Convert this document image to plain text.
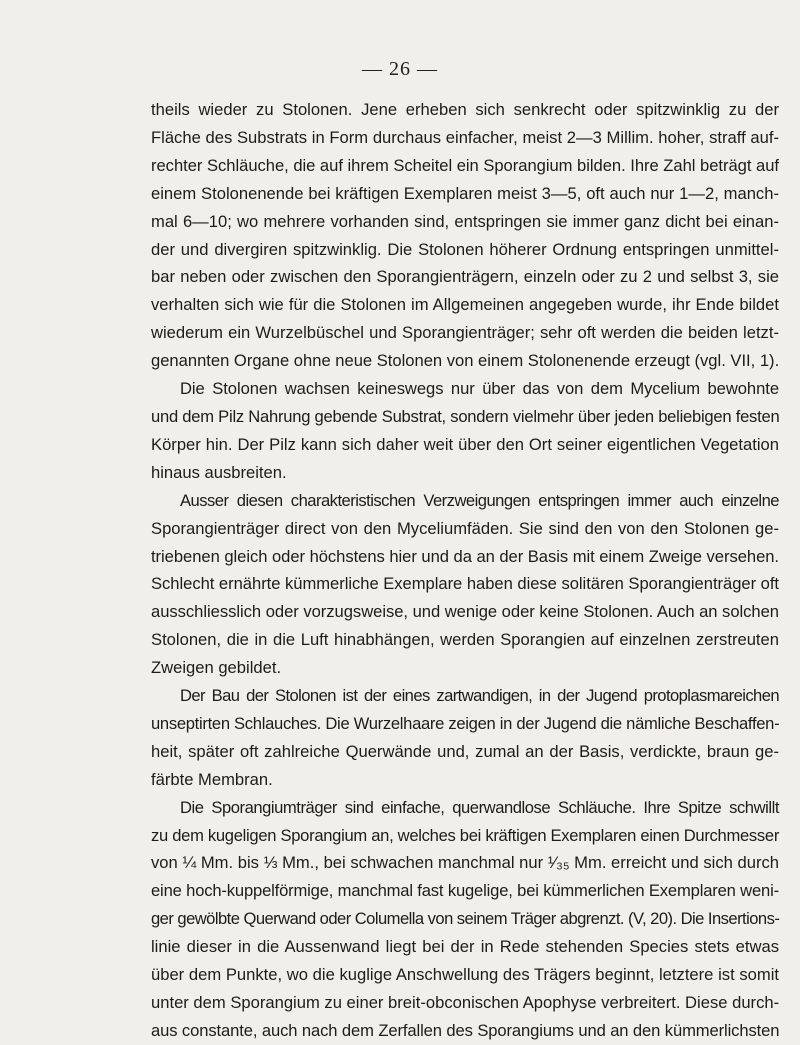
— 26 —

theils wieder zu Stolonen. Jene erheben sich senkrecht oder spitzwinklig zu der
Fläche des Substrats in Form durchaus einfacher, meist 2—3 Millim. hoher, straff auf-
rechter Schläuche, die auf ihrem Scheitel ein Sporangium bilden. Ihre Zahl beträgt auf
einem Stolonenende bei kräftigen Exemplaren meist 3—5, oft auch nur 1—2, manch-
mal 6—10; wo mehrere vorhanden sind, entspringen sie immer ganz dicht bei einan-
der und divergiren spitzwinklig. Die Stolonen höherer Ordnung entspringen unmittel-
bar neben oder zwischen den Sporangienträgern, einzeln oder zu 2 und selbst 3, sie
verhalten sich wie für die Stolonen im Allgemeinen angegeben wurde, ihr Ende bildet
wiederum ein Wurzelbüschel und Sporangienträger; sehr oft werden die beiden letzt-
genannten Organe ohne neue Stolonen von einem Stolonenende erzeugt (vgl. VII, 1).

Die Stolonen wachsen keineswegs nur über das von dem Mycelium bewohnte
und dem Pilz Nahrung gebende Substrat, sondern vielmehr über jeden beliebigen festen
Körper hin. Der Pilz kann sich daher weit über den Ort seiner eigentlichen Vegetation
hinaus ausbreiten.

Ausser diesen charakteristischen Verzweigungen entspringen immer auch einzelne
Sporangienträger direct von den Myceliumfäden. Sie sind den von den Stolonen ge-
triebenen gleich oder höchstens hier und da an der Basis mit einem Zweige versehen.
Schlecht ernährte kümmerliche Exemplare haben diese solitären Sporangienträger oft
ausschliesslich oder vorzugsweise, und wenige oder keine Stolonen. Auch an solchen
Stolonen, die in die Luft hinabhängen, werden Sporangien auf einzelnen zerstreuten
Zweigen gebildet.

Der Bau der Stolonen ist der eines zartwandigen, in der Jugend protoplasmareichen
unseptirten Schlauches. Die Wurzelhaare zeigen in der Jugend die nämliche Beschaffen-
heit, später oft zahlreiche Querwände und, zumal an der Basis, verdickte, braun ge-
färbte Membran.

Die Sporangiumträger sind einfache, querwandlose Schläuche. Ihre Spitze schwillt
zu dem kugeligen Sporangium an, welches bei kräftigen Exemplaren einen Durchmesser
von ¼ Mm. bis ⅓ Mm., bei schwachen manchmal nur ¹⁄₃₅ Mm. erreicht und sich durch
eine hoch-kuppelförmige, manchmal fast kugelige, bei kümmerlichen Exemplaren weni-
ger gewölbte Querwand oder Columella von seinem Träger abgrenzt. (V, 20). Die Insertions-
linie dieser in die Aussenwand liegt bei der in Rede stehenden Species stets etwas
über dem Punkte, wo die kuglige Anschwellung des Trägers beginnt, letztere ist somit
unter dem Sporangium zu einer breit-obconischen Apophyse verbreitert. Diese durch-
aus constante, auch nach dem Zerfallen des Sporangiums und an den kümmerlichsten
